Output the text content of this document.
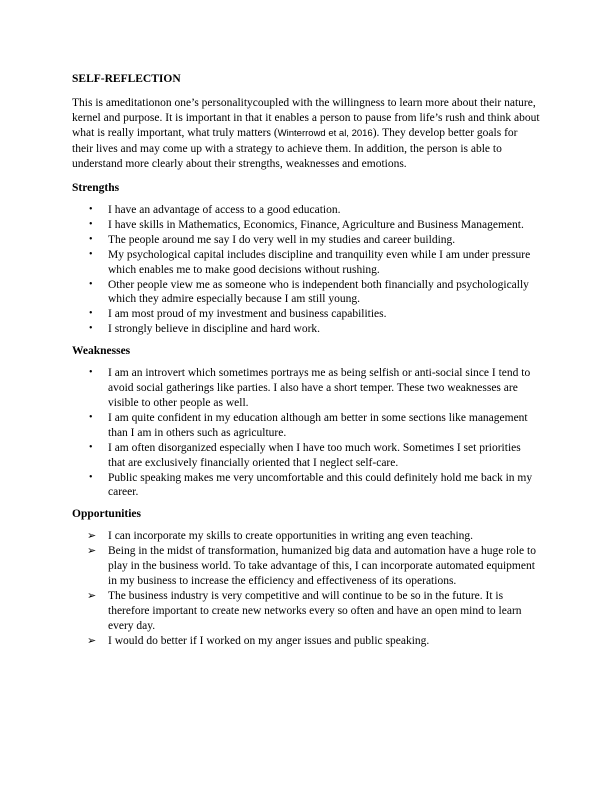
SELF-REFLECTION

This is ameditationon one’s personalitycoupled with the willingness to learn more about their nature, kernel and purpose. It is important in that it enables a person to pause from life’s rush and think about what is really important, what truly matters (Winterrowd et al, 2016). They develop better goals for their lives and may come up with a strategy to achieve them. In addition, the person is able to understand more clearly about their strengths, weaknesses and emotions.

Strengths
• I have an advantage of access to a good education.
• I have skills in Mathematics, Economics, Finance, Agriculture and Business Management.
• The people around me say I do very well in my studies and career building.
• My psychological capital includes discipline and tranquility even while I am under pressure which enables me to make good decisions without rushing.
• Other people view me as someone who is independent both financially and psychologically which they admire especially because I am still young.
• I am most proud of my investment and business capabilities.
• I strongly believe in discipline and hard work.
Weaknesses
• I am an introvert which sometimes portrays me as being selfish or anti-social since I tend to avoid social gatherings like parties. I also have a short temper. These two weaknesses are visible to other people as well.
• I am quite confident in my education although am better in some sections like management than I am in others such as agriculture.
• I am often disorganized especially when I have too much work. Sometimes I set priorities that are exclusively financially oriented that I neglect self-care.
• Public speaking makes me very uncomfortable and this could definitely hold me back in my career.
Opportunities
➢ I can incorporate my skills to create opportunities in writing ang even teaching.
➢ Being in the midst of transformation, humanized big data and automation have a huge role to play in the business world. To take advantage of this, I can incorporate automated equipment in my business to increase the efficiency and effectiveness of its operations.
➢ The business industry is very competitive and will continue to be so in the future. It is therefore important to create new networks every so often and have an open mind to learn every day.
➢ I would do better if I worked on my anger issues and public speaking.
